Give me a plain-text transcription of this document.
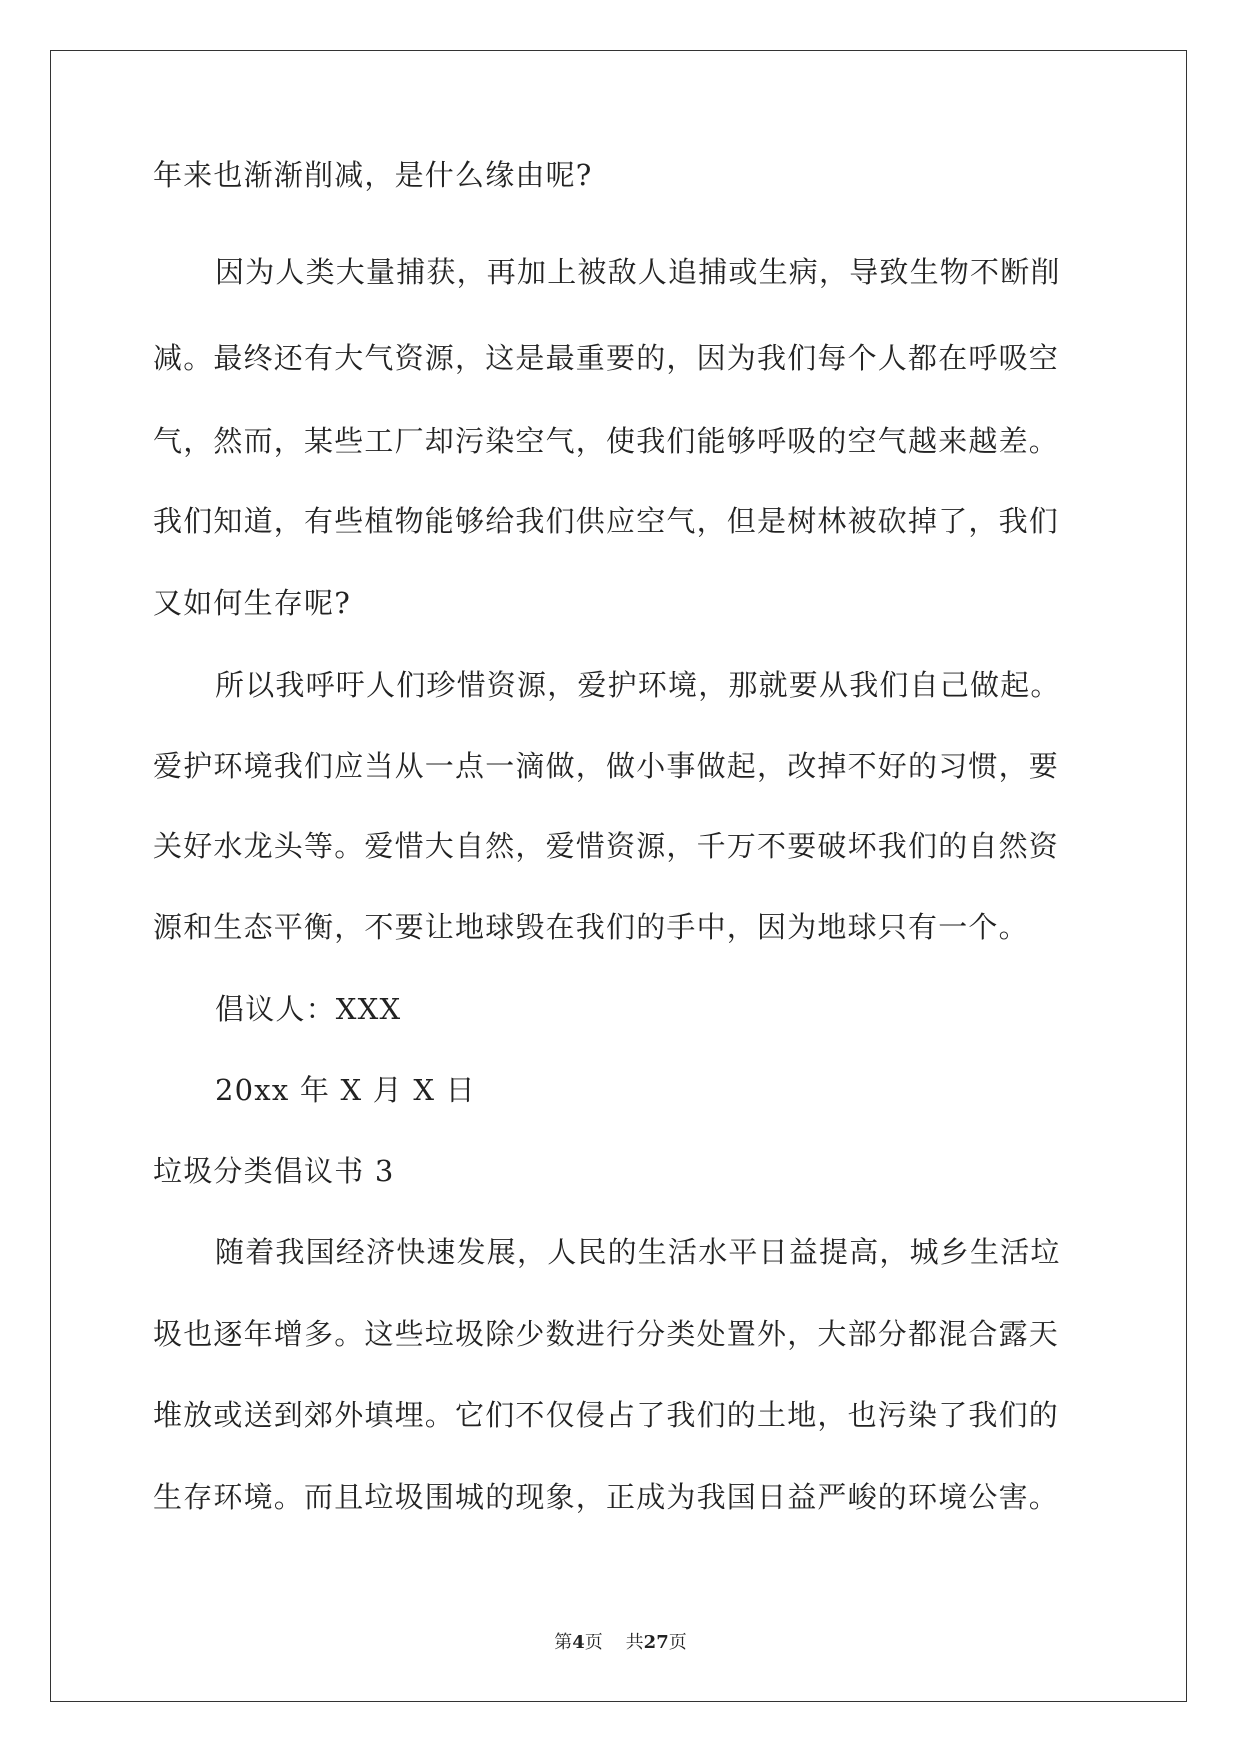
年来也渐渐削减，是什么缘由呢?
因为人类大量捕获，再加上被敌人追捕或生病，导致生物不断削
减。最终还有大气资源，这是最重要的，因为我们每个人都在呼吸空
气，然而，某些工厂却污染空气，使我们能够呼吸的空气越来越差。
我们知道，有些植物能够给我们供应空气，但是树林被砍掉了，我们
又如何生存呢?
所以我呼吁人们珍惜资源，爱护环境，那就要从我们自己做起。
爱护环境我们应当从一点一滴做，做小事做起，改掉不好的习惯，要
关好水龙头等。爱惜大自然，爱惜资源，千万不要破坏我们的自然资
源和生态平衡，不要让地球毁在我们的手中，因为地球只有一个。
倡议人：XXX
20xx 年 X 月 X 日
垃圾分类倡议书 3
随着我国经济快速发展，人民的生活水平日益提高，城乡生活垃
圾也逐年增多。这些垃圾除少数进行分类处置外，大部分都混合露天
堆放或送到郊外填埋。它们不仅侵占了我们的土地，也污染了我们的
生存环境。而且垃圾围城的现象，正成为我国日益严峻的环境公害。
第4页 共27页
